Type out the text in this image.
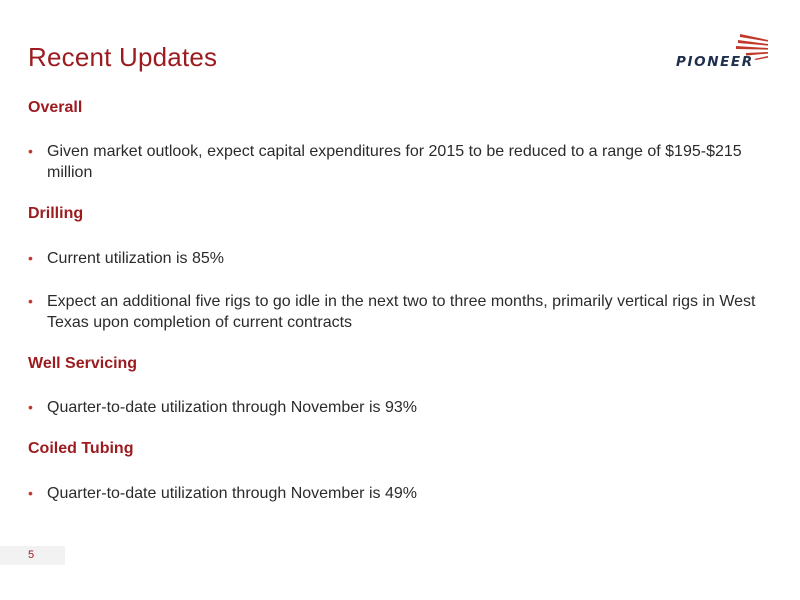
Recent Updates	PIONEER
Overall
• Given market outlook, expect capital expenditures for 2015 to be reduced to a range of $195-$215 million
Drilling
• Current utilization is 85%
• Expect an additional five rigs to go idle in the next two to three months, primarily vertical rigs in West Texas upon completion of current contracts
Well Servicing
• Quarter-to-date utilization through November is 93%
Coiled Tubing
• Quarter-to-date utilization through November is 49%
5
